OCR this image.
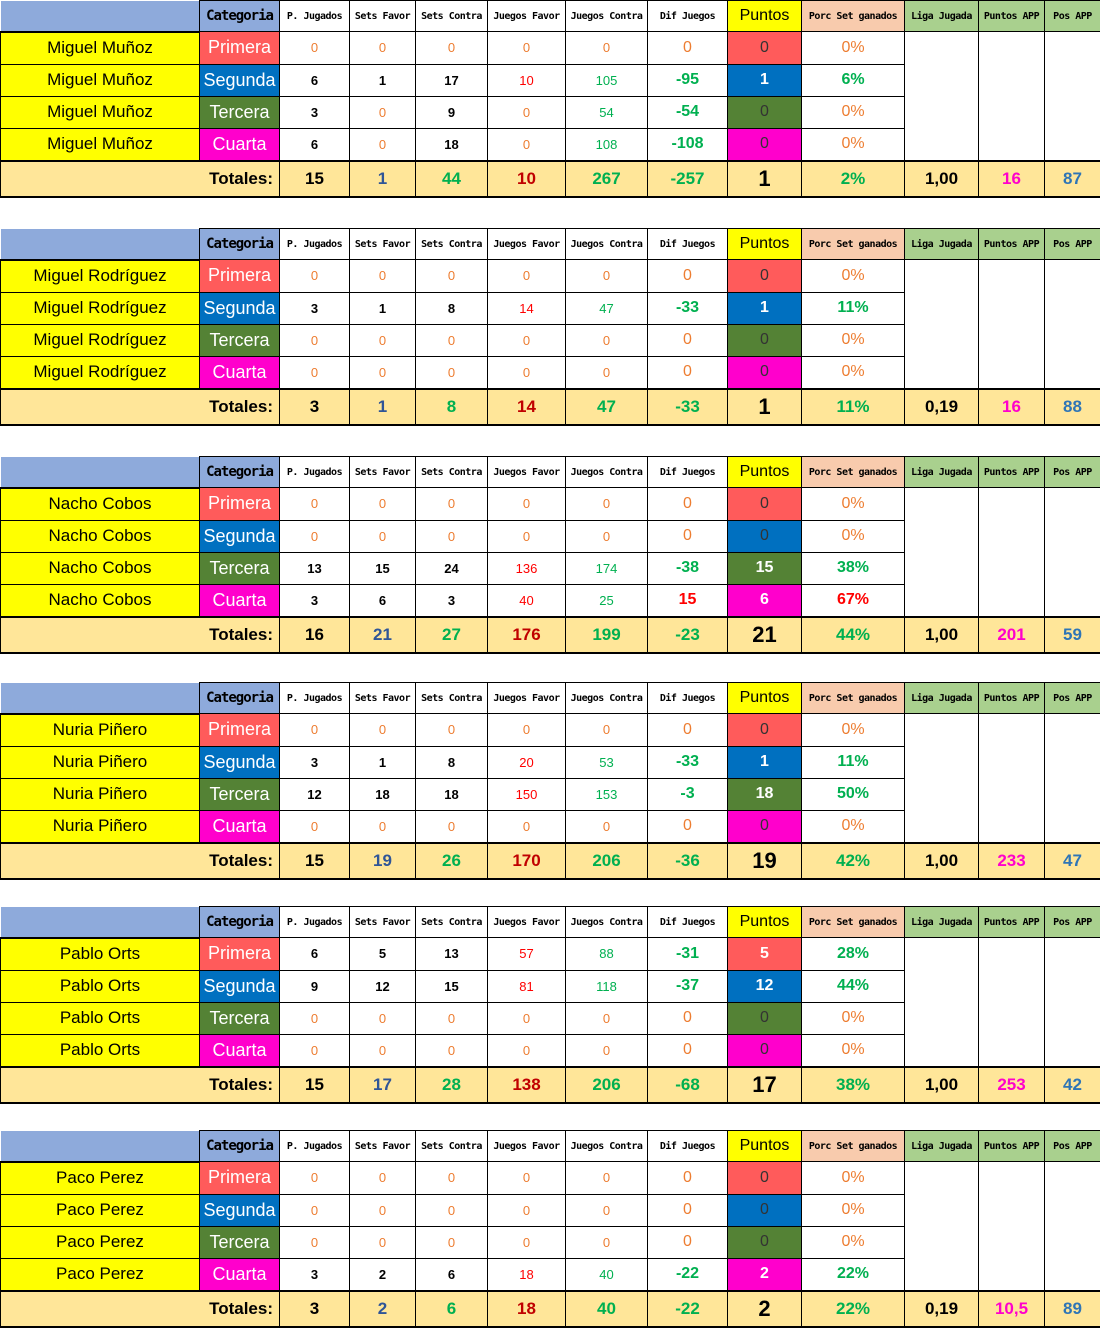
	Categoria	P. Jugados	Sets Favor	Sets Contra	Juegos Favor	Juegos Contra	Dif Juegos	Puntos	Porc Set ganados	Liga Jugada	Puntos APP	Pos APP
Miguel Muñoz	Primera	0	0	0	0	0	0	0	0%			
Miguel Muñoz	Segunda	6	1	17	10	105	-95	1	6%			
Miguel Muñoz	Tercera	3	0	9	0	54	-54	0	0%			
Miguel Muñoz	Cuarta	6	0	18	0	108	-108	0	0%			
Totales:		15	1	44	10	267	-257	1	2%	1,00	16	87
	Categoria	P. Jugados	Sets Favor	Sets Contra	Juegos Favor	Juegos Contra	Dif Juegos	Puntos	Porc Set ganados	Liga Jugada	Puntos APP	Pos APP
Miguel Rodríguez	Primera	0	0	0	0	0	0	0	0%			
Miguel Rodríguez	Segunda	3	1	8	14	47	-33	1	11%			
Miguel Rodríguez	Tercera	0	0	0	0	0	0	0	0%			
Miguel Rodríguez	Cuarta	0	0	0	0	0	0	0	0%			
Totales:		3	1	8	14	47	-33	1	11%	0,19	16	88
	Categoria	P. Jugados	Sets Favor	Sets Contra	Juegos Favor	Juegos Contra	Dif Juegos	Puntos	Porc Set ganados	Liga Jugada	Puntos APP	Pos APP
Nacho Cobos	Primera	0	0	0	0	0	0	0	0%			
Nacho Cobos	Segunda	0	0	0	0	0	0	0	0%			
Nacho Cobos	Tercera	13	15	24	136	174	-38	15	38%			
Nacho Cobos	Cuarta	3	6	3	40	25	15	6	67%			
Totales:		16	21	27	176	199	-23	21	44%	1,00	201	59
	Categoria	P. Jugados	Sets Favor	Sets Contra	Juegos Favor	Juegos Contra	Dif Juegos	Puntos	Porc Set ganados	Liga Jugada	Puntos APP	Pos APP
Nuria Piñero	Primera	0	0	0	0	0	0	0	0%			
Nuria Piñero	Segunda	3	1	8	20	53	-33	1	11%			
Nuria Piñero	Tercera	12	18	18	150	153	-3	18	50%			
Nuria Piñero	Cuarta	0	0	0	0	0	0	0	0%			
Totales:		15	19	26	170	206	-36	19	42%	1,00	233	47
	Categoria	P. Jugados	Sets Favor	Sets Contra	Juegos Favor	Juegos Contra	Dif Juegos	Puntos	Porc Set ganados	Liga Jugada	Puntos APP	Pos APP
Pablo Orts	Primera	6	5	13	57	88	-31	5	28%			
Pablo Orts	Segunda	9	12	15	81	118	-37	12	44%			
Pablo Orts	Tercera	0	0	0	0	0	0	0	0%			
Pablo Orts	Cuarta	0	0	0	0	0	0	0	0%			
Totales:		15	17	28	138	206	-68	17	38%	1,00	253	42
	Categoria	P. Jugados	Sets Favor	Sets Contra	Juegos Favor	Juegos Contra	Dif Juegos	Puntos	Porc Set ganados	Liga Jugada	Puntos APP	Pos APP
Paco Perez	Primera	0	0	0	0	0	0	0	0%			
Paco Perez	Segunda	0	0	0	0	0	0	0	0%			
Paco Perez	Tercera	0	0	0	0	0	0	0	0%			
Paco Perez	Cuarta	3	2	6	18	40	-22	2	22%			
Totales:		3	2	6	18	40	-22	2	22%	0,19	10,5	89
